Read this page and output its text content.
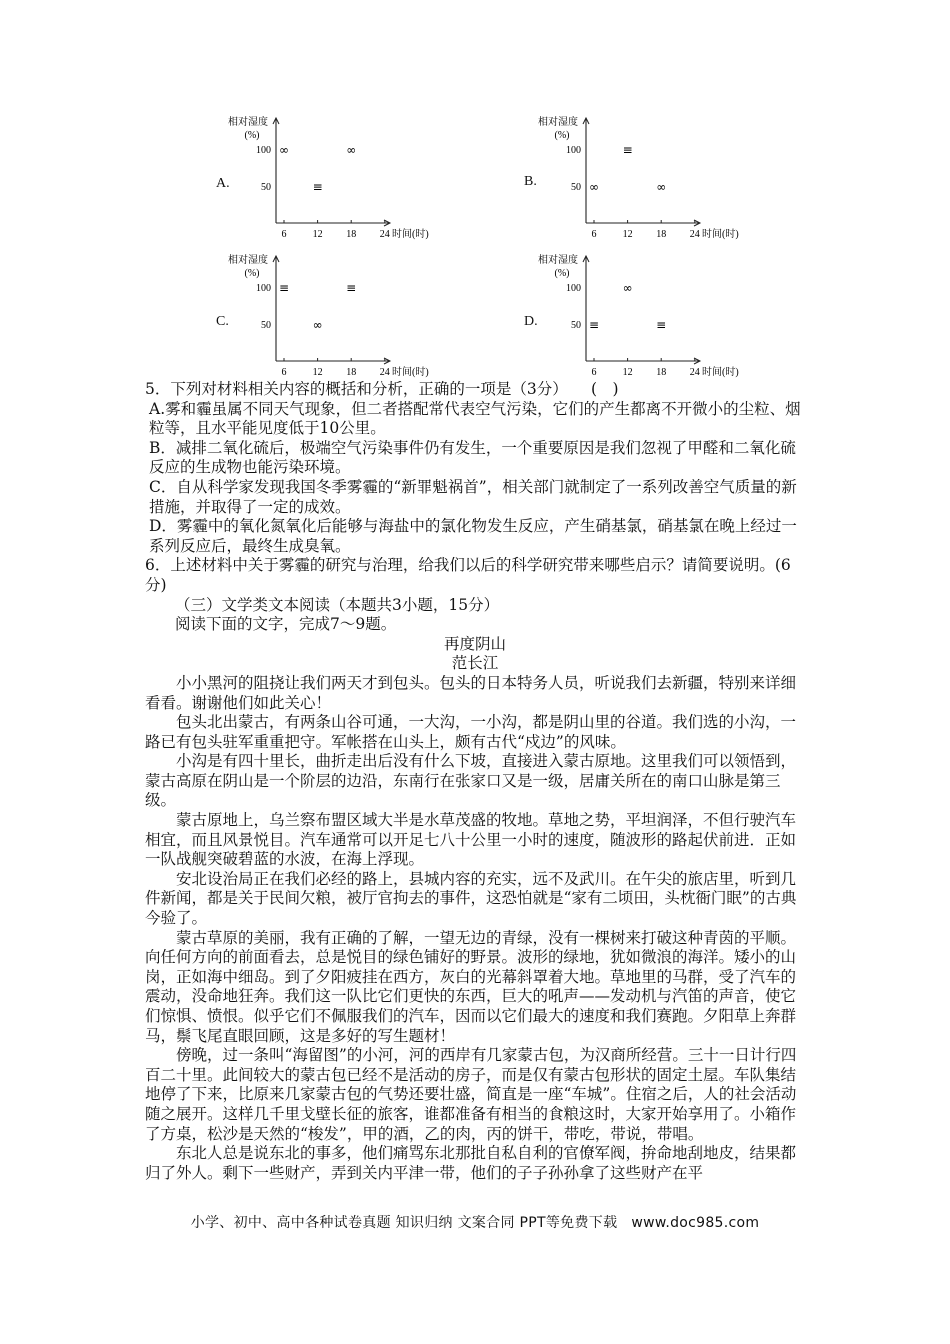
A.
相对湿度
(%)
100
50
6	12 18 24 时间(时)
∞
≡
∞
B.
相对湿度
(%)
100
50
6	12 18 24 时间(时)
∞
≡
∞
C.
相对湿度
(%)
100
50
6	12 18 24 时间(时)
≡
∞
≡
D.
相对湿度
(%)
100
50
6	12 18 24 时间(时)
≡
∞
≡

5．下列对材料相关内容的概括和分析，正确的一项是（3分）　　(　)

A.雾和霾虽属不同天气现象，但二者搭配常代表空气污染，它们的产生都离不开微小的尘粒、烟粒等，且水平能见度低于10公里。

B．减排二氧化硫后，极端空气污染事件仍有发生，一个重要原因是我们忽视了甲醛和二氧化硫反应的生成物也能污染环境。

C．自从科学家发现我国冬季雾霾的“新罪魁祸首”，相关部门就制定了一系列改善空气质量的新措施，并取得了一定的成效。

D．雾霾中的氧化氮氧化后能够与海盐中的氯化物发生反应，产生硝基氯，硝基氯在晚上经过一系列反应后，最终生成臭氧。

6．上述材料中关于雾霾的研究与治理，给我们以后的科学研究带来哪些启示？请简要说明。(6分)

（三）文学类文本阅读（本题共3小题，15分）

阅读下面的文字，完成7～9题。

再度阴山

范长江

小小黑河的阻挠让我们两天才到包头。包头的日本特务人员，听说我们去新疆，特别来详细看看。谢谢他们如此关心！

包头北出蒙古，有两条山谷可通，一大沟，一小沟，都是阴山里的谷道。我们选的小沟，一路已有包头驻军重重把守。军帐搭在山头上，颇有古代“戍边”的风味。

小沟是有四十里长，曲折走出后没有什么下坡，直接进入蒙古原地。这里我们可以领悟到，蒙古高原在阴山是一个阶层的边沿，东南行在张家口又是一级，居庸关所在的南口山脉是第三级。

蒙古原地上，乌兰察布盟区域大半是水草茂盛的牧地。草地之势，平坦润泽，不但行驶汽车相宜，而且风景悦目。汽车通常可以开足七八十公里一小时的速度，随波形的路起伏前进．正如一队战舰突破碧蓝的水波，在海上浮现。

安北设治局正在我们必经的路上，县城内容的充实，远不及武川。在午尖的旅店里，听到几件新闻，都是关于民间欠粮，被厅官拘去的事件，这恐怕就是“家有二顷田，头枕衙门眠”的古典今验了。

蒙古草原的美丽，我有正确的了解，一望无边的青绿，没有一棵树来打破这种青茵的平顺。向任何方向的前面看去，总是悦目的绿色铺好的野景。波形的绿地，犹如微浪的海洋。矮小的山岗，正如海中细岛。到了夕阳疲挂在西方，灰白的光幕斜罩着大地。草地里的马群，受了汽车的震动，没命地狂奔。我们这一队比它们更快的东西，巨大的吼声——发动机与汽笛的声音，使它们惊惧、愤恨。似乎它们不佩服我们的汽车，因而以它们最大的速度和我们赛跑。夕阳草上奔群马，鬃飞尾直眼回顾，这是多好的写生题材！

傍晚，过一条叫“海留图”的小河，河的西岸有几家蒙古包，为汉商所经营。三十一日计行四百二十里。此间较大的蒙古包已经不是活动的房子，而是仅有蒙古包形状的固定土屋。车队集结地停了下来，比原来几家蒙古包的气势还要壮盛，简直是一座“车城”。住宿之后，人的社会活动随之展开。这样几千里戈壁长征的旅客，谁都准备有相当的食粮这时，大家开始享用了。小箱作了方桌，松沙是天然的“梭发”，甲的酒，乙的肉，丙的饼干，带吃，带说，带唱。

东北人总是说东北的事多，他们痛骂东北那批自私自利的官僚军阀，拚命地刮地皮，结果都归了外人。剩下一些财产，弄到关内平津一带，他们的子子孙孙拿了这些财产在平

小学、初中、高中各种试卷真题 知识归纳 文案合同 PPT等免费下载 www.doc985.com
